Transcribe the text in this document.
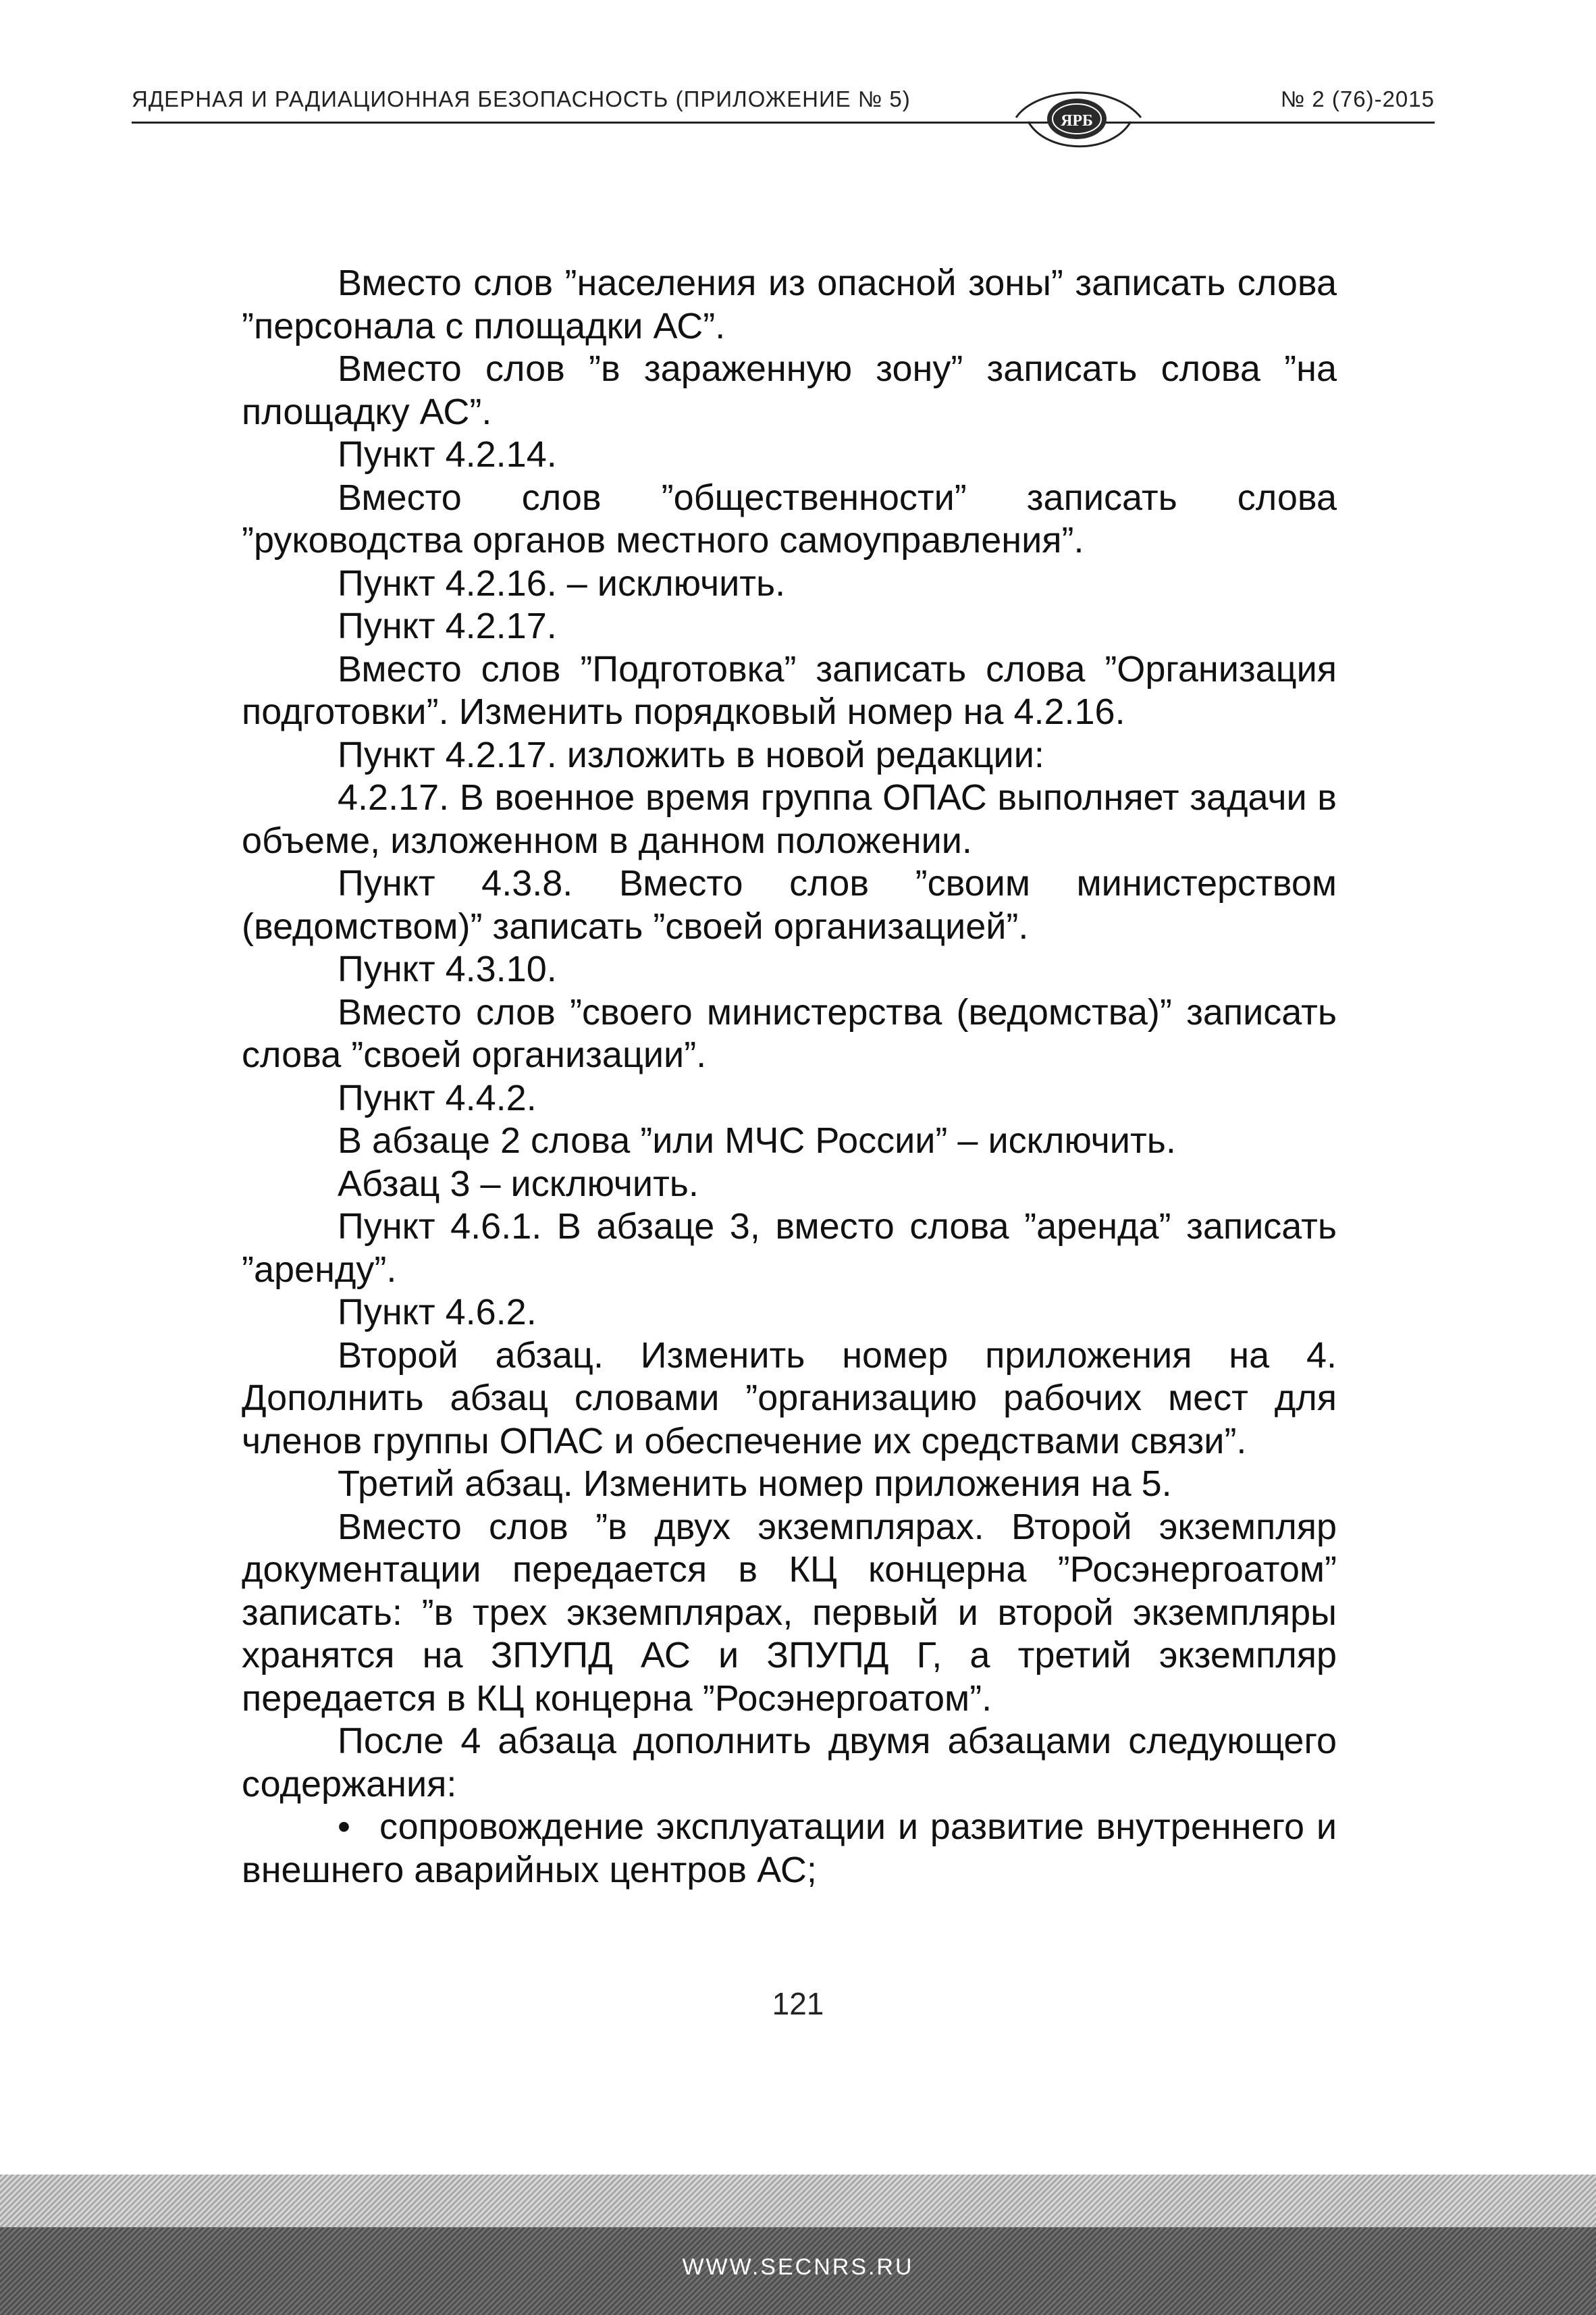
ЯДЕРНАЯ И РАДИАЦИОННАЯ БЕЗОПАСНОСТЬ (ПРИЛОЖЕНИЕ № 5)
ЯРБ
№ 2 (76)-2015

Вместо слов ”населения из опасной зоны” записать слова ”персонала с площадки АС”.

Вместо слов ”в зараженную зону” записать слова ”на площадку АС”.

Пункт 4.2.14.

Вместо слов ”общественности” записать слова ”руководства органов местного самоуправления”.

Пункт 4.2.16. – исключить.

Пункт 4.2.17.

Вместо слов ”Подготовка” записать слова ”Организация подготовки”. Изменить порядковый номер на 4.2.16.

Пункт 4.2.17. изложить в новой редакции:

4.2.17. В военное время группа ОПАС выполняет задачи в объеме, изложенном в данном положении.

Пункт 4.3.8. Вместо слов ”своим министерством (ведомством)” записать ”своей организацией”.

Пункт 4.3.10.

Вместо слов ”своего министерства (ведомства)” записать слова ”своей организации”.

Пункт 4.4.2.

В абзаце 2 слова ”или МЧС России” – исключить.

Абзац 3 – исключить.

Пункт 4.6.1. В абзаце 3, вместо слова ”аренда” записать ”аренду”.

Пункт 4.6.2.

Второй абзац. Изменить номер приложения на 4. Дополнить абзац словами ”организацию рабочих мест для членов группы ОПАС и обеспечение их средствами связи”.

Третий абзац. Изменить номер приложения на 5.

Вместо слов ”в двух экземплярах. Второй экземпляр документации передается в КЦ концерна ”Росэнергоатом” записать: ”в трех экземплярах, первый и второй экземпляры хранятся на ЗПУПД АС и ЗПУПД Г, а третий экземпляр передается в КЦ концерна ”Росэнергоатом”.

После 4 абзаца дополнить двумя абзацами следующего содержания:

• сопровождение эксплуатации и развитие внутреннего и внешнего аварийных центров АС;

121
WWW.SECNRS.RU
